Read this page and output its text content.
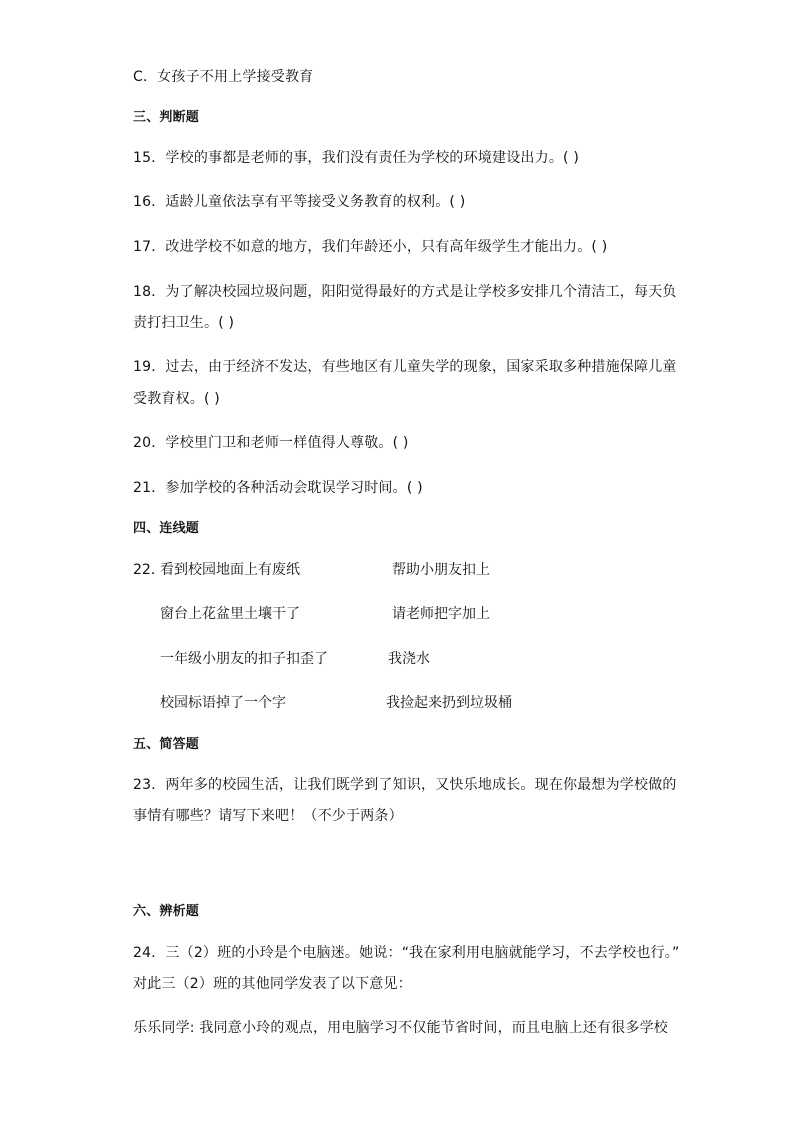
C．女孩子不用上学接受教育
三、判断题
15．学校的事都是老师的事，我们没有责任为学校的环境建设出力。( )
16．适龄儿童依法享有平等接受义务教育的权利。( )
17．改进学校不如意的地方，我们年龄还小，只有高年级学生才能出力。( )
18．为了解决校园垃圾问题，阳阳觉得最好的方式是让学校多安排几个清洁工，每天负
责打扫卫生。( )
19．过去，由于经济不发达，有些地区有儿童失学的现象，国家采取多种措施保障儿童
受教育权。( )
20．学校里门卫和老师一样值得人尊敬。( )
21．参加学校的各种活动会耽误学习时间。( )
四、连线题
22．
看到校园地面上有废纸	帮助小朋友扣上
窗台上花盆里土壤干了	请老师把字加上
一年级小朋友的扣子扣歪了	我浇水
校园标语掉了一个字	我捡起来扔到垃圾桶
五、简答题
23．两年多的校园生活，让我们既学到了知识，又快乐地成长。现在你最想为学校做的
事情有哪些？请写下来吧！（不少于两条）
六、辨析题
24．三（2）班的小玲是个电脑迷。她说：“我在家利用电脑就能学习，不去学校也行。”
对此三（2）班的其他同学发表了以下意见：
乐乐同学: 我同意小玲的观点，用电脑学习不仅能节省时间，而且电脑上还有很多学校
